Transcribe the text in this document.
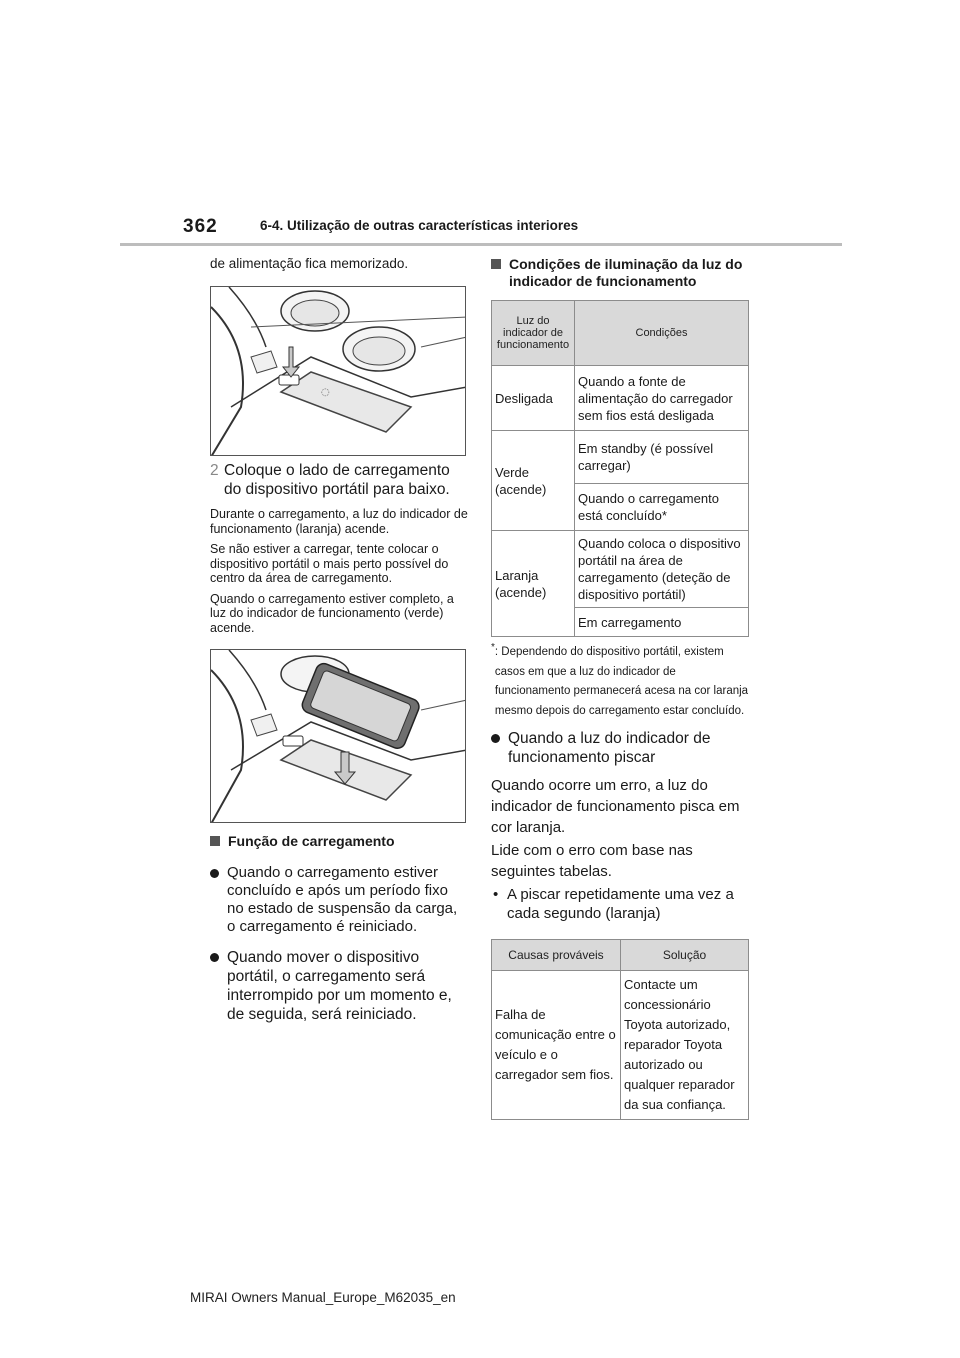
362	6-4. Utilização de outras características interiores

de alimentação fica memorizado.

◌
2 Coloque o lado de carregamento do dispositivo portátil para baixo.

Durante o carregamento, a luz do indicador de funcionamento (laranja) acende.

Se não estiver a carregar, tente colocar o dispositivo portátil o mais perto possível do centro da área de carregamento.

Quando o carregamento estiver completo, a luz do indicador de funcionamento (verde) acende.

Função de carregamento
Quando o carregamento estiver concluído e após um período fixo no estado de suspensão da carga, o carregamento é reiniciado.
Quando mover o dispositivo portátil, o carregamento será interrompido por um momento e, de seguida, será reiniciado.
Condições de iluminação da luz do indicador de funcionamento
Luz do indicador de funcionamento	Condições
Desligada	Quando a fonte de alimentação do carregador sem fios está desligada
Verde (acende)	Em standby (é possível carregar)
	Quando o carregamento está concluído*
Laranja (acende)	Quando coloca o dispositivo portátil na área de carregamento (deteção de dispositivo portátil)
	Em carregamento
* : Dependendo do dispositivo portátil, existem casos em que a luz do indicador de funcionamento permanecerá acesa na cor laranja mesmo depois do carregamento estar concluído.

Quando a luz do indicador de funcionamento piscar

Quando ocorre um erro, a luz do indicador de funcionamento pisca em cor laranja.

Lide com o erro com base nas seguintes tabelas.

• A piscar repetidamente uma vez a cada segundo (laranja)
Causas prováveis	Solução
Falha de comunicação entre o veículo e o carregador sem fios.	Contacte um concessionário Toyota autorizado, reparador Toyota autorizado ou qualquer reparador da sua confiança.
MIRAI Owners Manual_Europe_M62035_en
